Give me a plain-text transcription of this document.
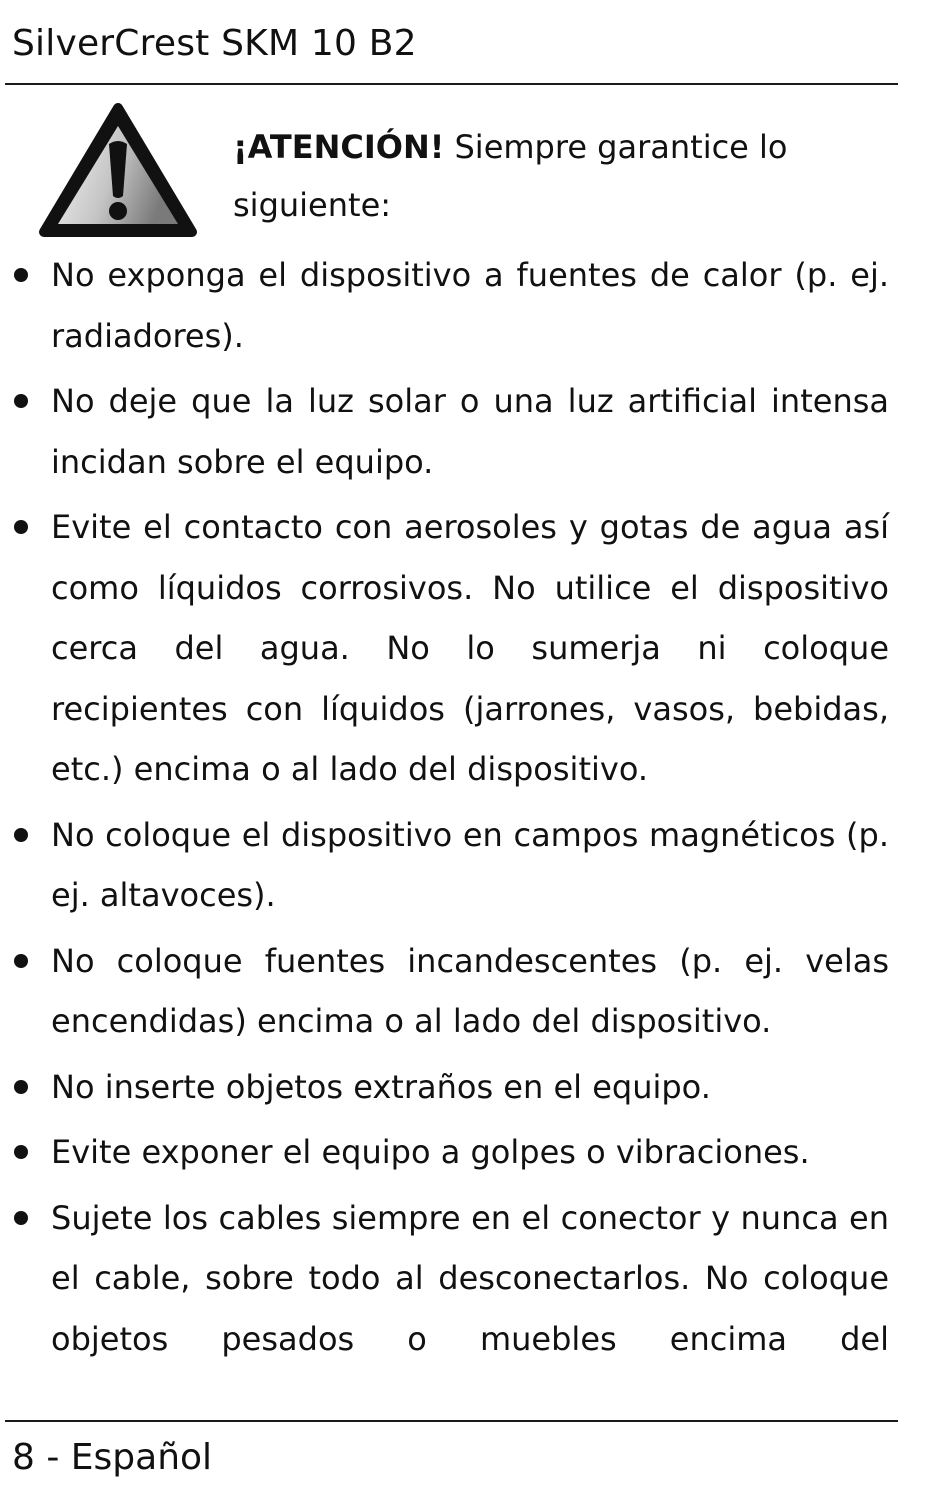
SilverCrest SKM 10 B2
¡ATENCIÓN! Siempre garantice lo siguiente:
No exponga el dispositivo a fuentes de calor (p. ej. radiadores).
No deje que la luz solar o una luz artificial intensa incidan sobre el equipo.
Evite el contacto con aerosoles y gotas de agua así como líquidos corrosivos. No utilice el dispositivo cerca del agua. No lo sumerja ni coloque recipientes con líquidos (jarrones, vasos, bebidas, etc.) encima o al lado del dispositivo.
No coloque el dispositivo en campos magnéticos (p. ej. altavoces).
No coloque fuentes incandescentes (p. ej. velas encendidas) encima o al lado del dispositivo.
No inserte objetos extraños en el equipo.
Evite exponer el equipo a golpes o vibraciones.
Sujete los cables siempre en el conector y nunca en el cable, sobre todo al desconectarlos. No coloque objetos pesados o muebles encima del
8 - Español
